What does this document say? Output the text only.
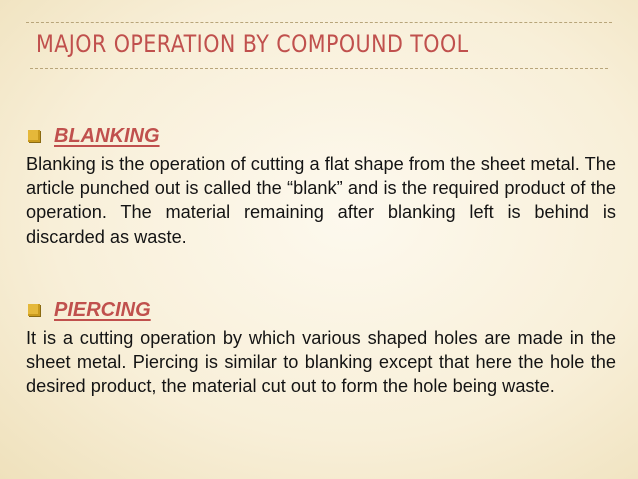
MAJOR OPERATION BY COMPOUND TOOL
BLANKING

Blanking is the operation of cutting a flat shape from the sheet metal. The article punched out is called the “blank” and is the required product of the operation. The material remaining after blanking left is behind is discarded as waste.

PIERCING

It is a cutting operation by which various shaped holes are made in the sheet metal. Piercing is similar to blanking except that here the hole the desired product, the material cut out to form the hole being waste.
